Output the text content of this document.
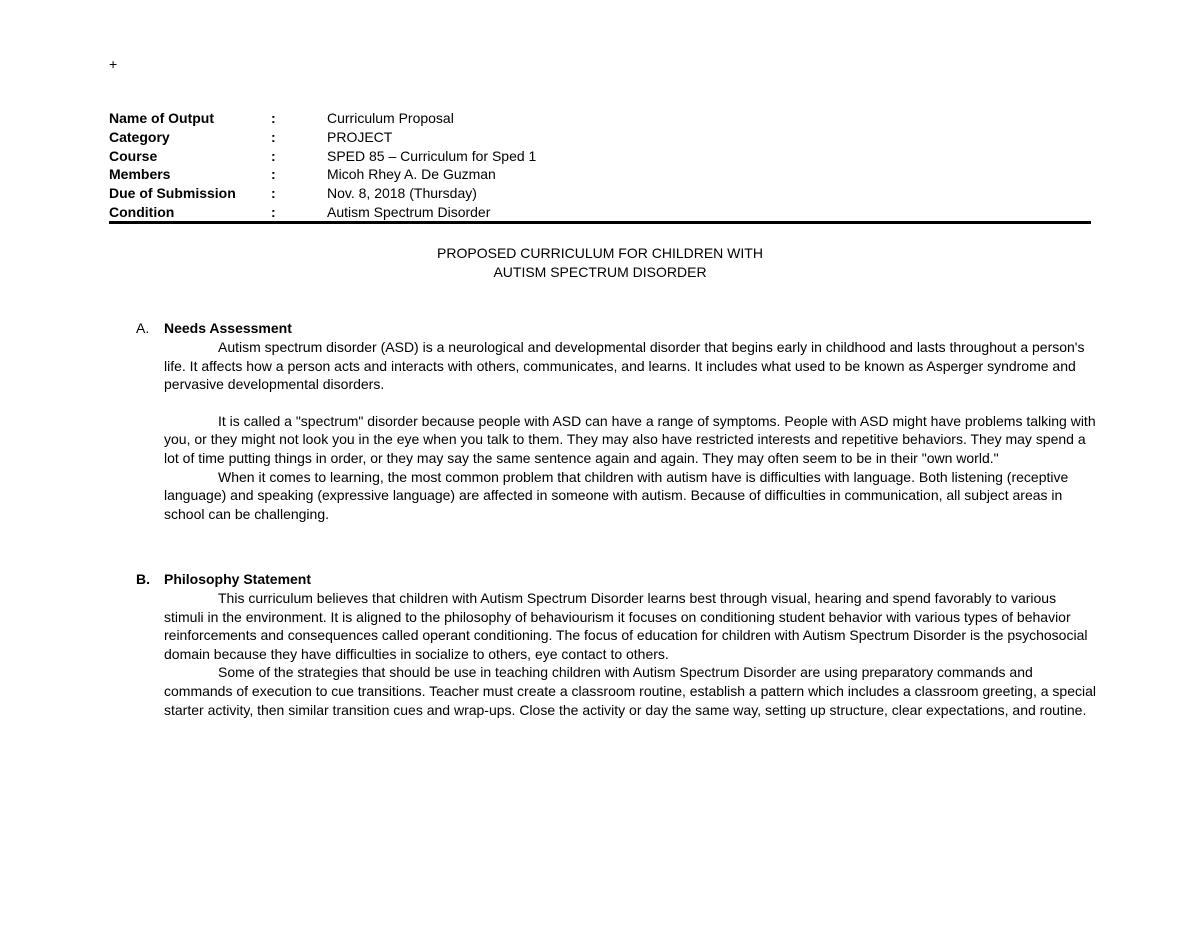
+
Name of Output	:	Curriculum Proposal
Category	:	PROJECT
Course	:	SPED 85 – Curriculum for Sped 1
Members	:	Micoh Rhey A. De Guzman
Due of Submission	:	Nov. 8, 2018 (Thursday)
Condition	:	Autism Spectrum Disorder
PROPOSED CURRICULUM FOR CHILDREN WITH
AUTISM SPECTRUM DISORDER
A. Needs Assessment

Autism spectrum disorder (ASD) is a neurological and developmental disorder that begins early in childhood and lasts throughout a person's life. It affects how a person acts and interacts with others, communicates, and learns. It includes what used to be known as Asperger syndrome and pervasive developmental disorders.

It is called a "spectrum" disorder because people with ASD can have a range of symptoms. People with ASD might have problems talking with you, or they might not look you in the eye when you talk to them. They may also have restricted interests and repetitive behaviors. They may spend a lot of time putting things in order, or they may say the same sentence again and again. They may often seem to be in their "own world."

When it comes to learning, the most common problem that children with autism have is difficulties with language. Both listening (receptive language) and speaking (expressive language) are affected in someone with autism. Because of difficulties in communication, all subject areas in school can be challenging.

B. Philosophy Statement

This curriculum believes that children with Autism Spectrum Disorder learns best through visual, hearing and spend favorably to various stimuli in the environment. It is aligned to the philosophy of behaviourism it focuses on conditioning student behavior with various types of behavior reinforcements and consequences called operant conditioning. The focus of education for children with Autism Spectrum Disorder is the psychosocial domain because they have difficulties in socialize to others, eye contact to others.

Some of the strategies that should be use in teaching children with Autism Spectrum Disorder are using preparatory commands and commands of execution to cue transitions. Teacher must create a classroom routine, establish a pattern which includes a classroom greeting, a special starter activity, then similar transition cues and wrap-ups. Close the activity or day the same way, setting up structure, clear expectations, and routine.
